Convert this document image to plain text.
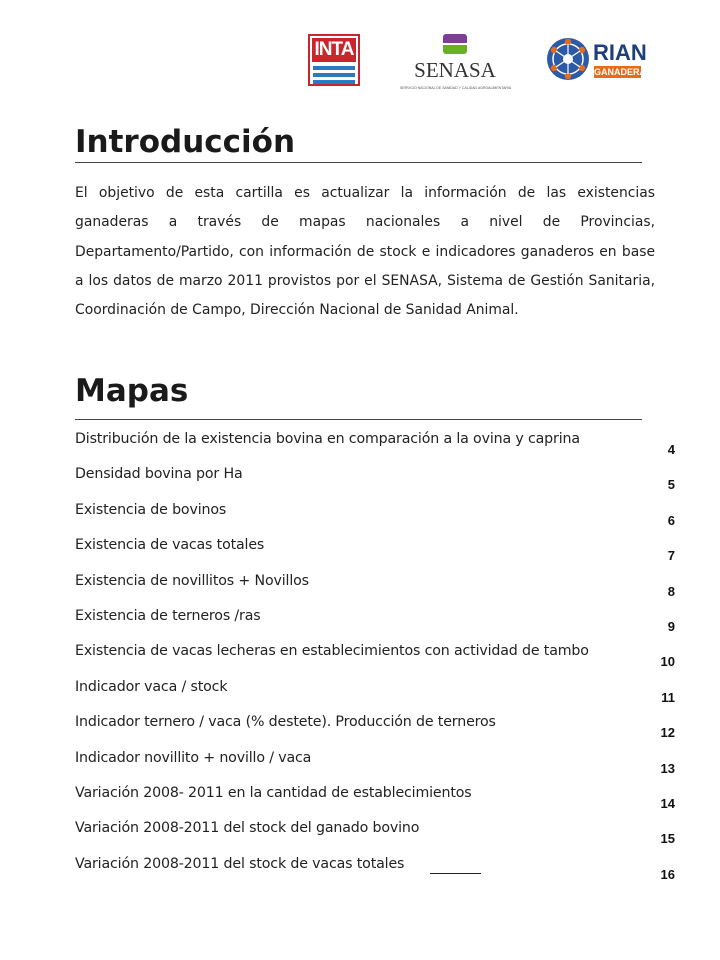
INTA
SENASA
SERVICIO NACIONAL DE SANIDAD Y CALIDAD AGROALIMENTARIA
RIAN
GANADERA
Introducción

El objetivo de esta cartilla es actualizar la información de las existencias ganaderas a través de mapas nacionales a nivel de Provincias, Departamento/Partido, con información de stock e indicadores ganaderos en base a los datos de marzo 2011 provistos por el SENASA, Sistema de Gestión Sanitaria, Coordinación de Campo, Dirección Nacional de Sanidad Animal.

Mapas
Distribución de la existencia bovina en comparación a la ovina y caprina
4
Densidad bovina por Ha
5
Existencia de bovinos
6
Existencia de vacas totales
7
Existencia de novillitos + Novillos
8
Existencia de terneros /ras
9
Existencia de vacas lecheras en establecimientos con actividad de tambo
10
Indicador vaca / stock
11
Indicador ternero / vaca (% destete). Producción de terneros
12
Indicador novillito + novillo / vaca
13
Variación 2008- 2011 en la cantidad de establecimientos
14
Variación 2008-2011 del stock del ganado bovino
15
Variación 2008-2011 del stock de vacas totales
16
